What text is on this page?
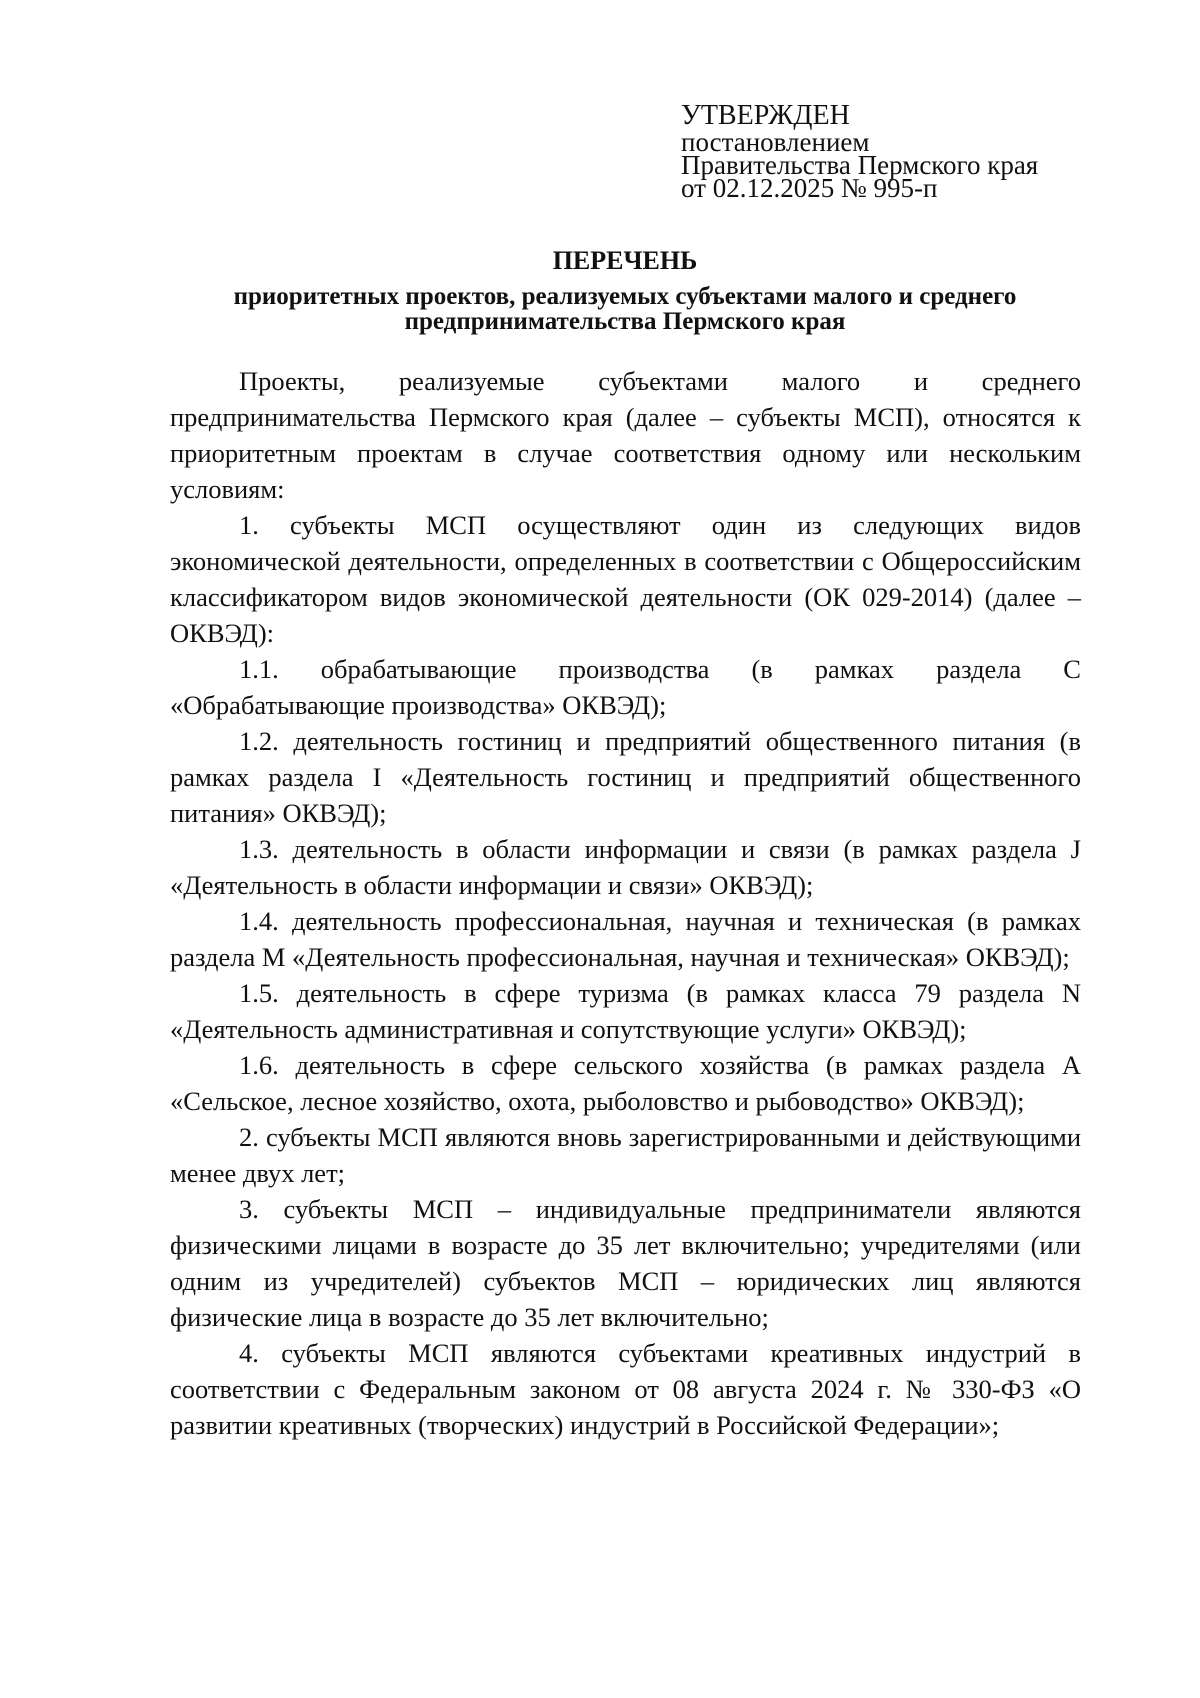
УТВЕРЖДЕН
постановлением
Правительства Пермского края
от 02.12.2025 № 995-п
ПЕРЕЧЕНЬ
приоритетных проектов, реализуемых субъектами малого и среднего предпринимательства Пермского края

Проекты, реализуемые субъектами малого и среднего предпринимательства Пермского края (далее – субъекты МСП), относятся к приоритетным проектам в случае соответствия одному или нескольким условиям:

1. субъекты МСП осуществляют один из следующих видов экономической деятельности, определенных в соответствии с Общероссийским классификатором видов экономической деятельности (ОК 029-2014) (далее – ОКВЭД):

1.1. обрабатывающие производства (в рамках раздела С «Обрабатывающие производства» ОКВЭД);

1.2. деятельность гостиниц и предприятий общественного питания (в рамках раздела I «Деятельность гостиниц и предприятий общественного питания» ОКВЭД);

1.3. деятельность в области информации и связи (в рамках раздела J «Деятельность в области информации и связи» ОКВЭД);

1.4. деятельность профессиональная, научная и техническая (в рамках раздела М «Деятельность профессиональная, научная и техническая» ОКВЭД);

1.5. деятельность в сфере туризма (в рамках класса 79 раздела N «Деятельность административная и сопутствующие услуги» ОКВЭД);

1.6. деятельность в сфере сельского хозяйства (в рамках раздела А «Сельское, лесное хозяйство, охота, рыболовство и рыбоводство» ОКВЭД);

2. субъекты МСП являются вновь зарегистрированными и действующими менее двух лет;

3. субъекты МСП – индивидуальные предприниматели являются физическими лицами в возрасте до 35 лет включительно; учредителями (или одним из учредителей) субъектов МСП – юридических лиц являются физические лица в возрасте до 35 лет включительно;

4. субъекты МСП являются субъектами креативных индустрий в соответствии с Федеральным законом от 08 августа 2024 г. № 330-ФЗ «О развитии креативных (творческих) индустрий в Российской Федерации»;
